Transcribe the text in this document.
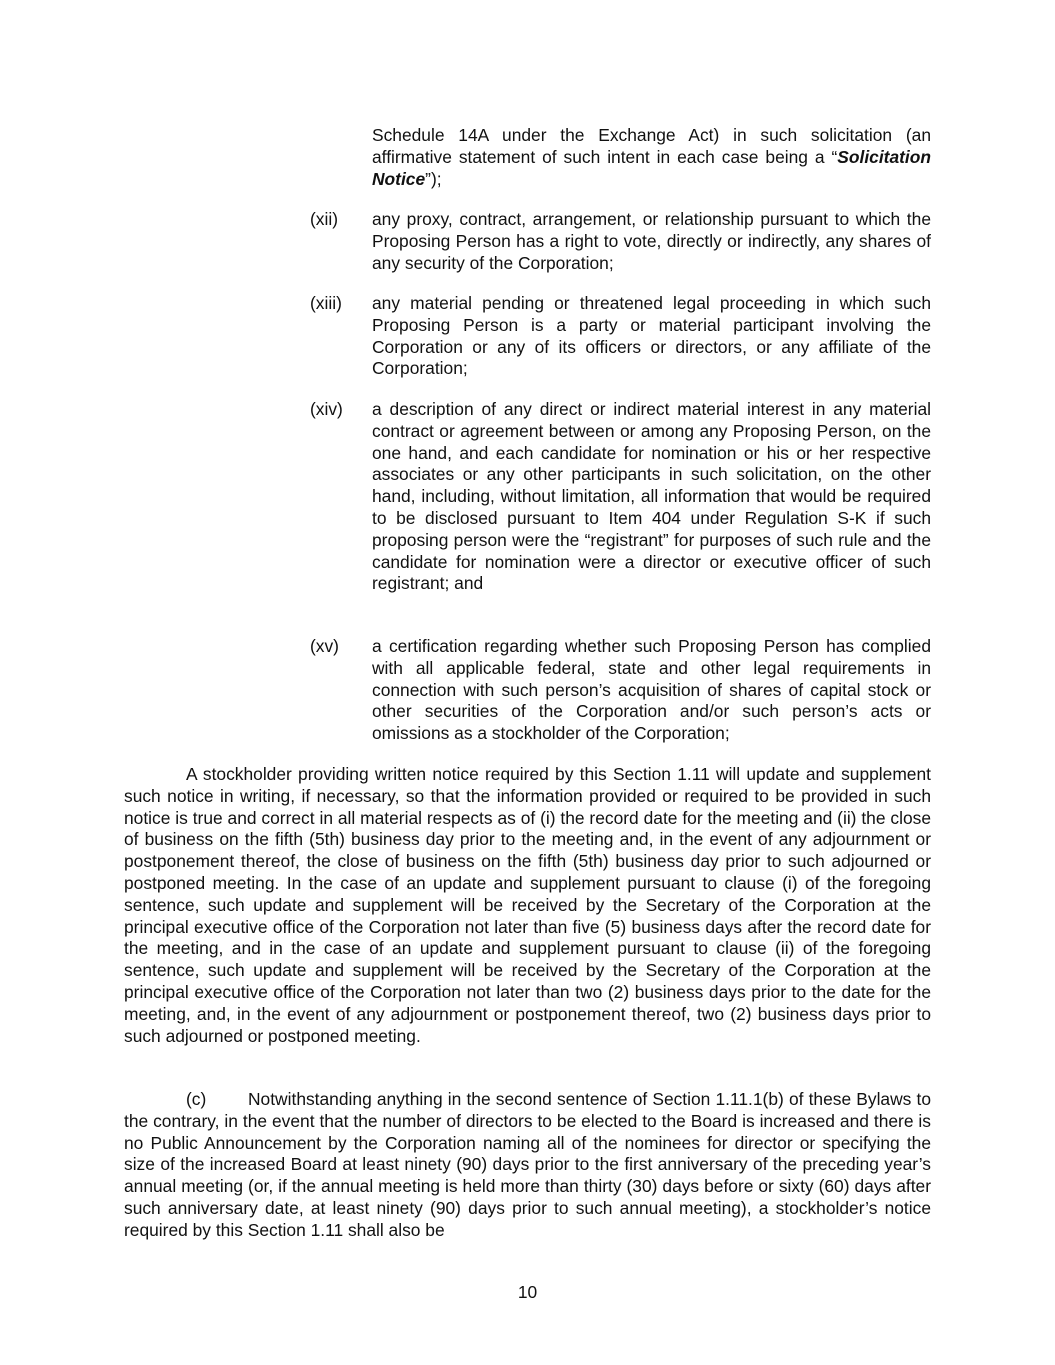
Schedule 14A under the Exchange Act) in such solicitation (an affirmative statement of such intent in each case being a “Solicitation Notice”);

(xii)	any proxy, contract, arrangement, or relationship pursuant to which the Proposing Person has a right to vote, directly or indirectly, any shares of any security of the Corporation;

(xiii)	any material pending or threatened legal proceeding in which such Proposing Person is a party or material participant involving the Corporation or any of its officers or directors, or any affiliate of the Corporation;

(xiv)	a description of any direct or indirect material interest in any material contract or agreement between or among any Proposing Person, on the one hand, and each candidate for nomination or his or her respective associates or any other participants in such solicitation, on the other hand, including, without limitation, all information that would be required to be disclosed pursuant to Item 404 under Regulation S-K if such proposing person were the “registrant” for purposes of such rule and the candidate for nomination were a director or executive officer of such registrant; and

(xv)	a certification regarding whether such Proposing Person has complied with all applicable federal, state and other legal requirements in connection with such person’s acquisition of shares of capital stock or other securities of the Corporation and/or such person’s acts or omissions as a stockholder of the Corporation;

A stockholder providing written notice required by this Section 1.11 will update and supplement such notice in writing, if necessary, so that the information provided or required to be provided in such notice is true and correct in all material respects as of (i) the record date for the meeting and (ii) the close of business on the fifth (5th) business day prior to the meeting and, in the event of any adjournment or postponement thereof, the close of business on the fifth (5th) business day prior to such adjourned or postponed meeting. In the case of an update and supplement pursuant to clause (i) of the foregoing sentence, such update and supplement will be received by the Secretary of the Corporation at the principal executive office of the Corporation not later than five (5) business days after the record date for the meeting, and in the case of an update and supplement pursuant to clause (ii) of the foregoing sentence, such update and supplement will be received by the Secretary of the Corporation at the principal executive office of the Corporation not later than two (2) business days prior to the date for the meeting, and, in the event of any adjournment or postponement thereof, two (2) business days prior to such adjourned or postponed meeting.

(c) Notwithstanding anything in the second sentence of Section 1.11.1(b) of these Bylaws to the contrary, in the event that the number of directors to be elected to the Board is increased and there is no Public Announcement by the Corporation naming all of the nominees for director or specifying the size of the increased Board at least ninety (90) days prior to the first anniversary of the preceding year’s annual meeting (or, if the annual meeting is held more than thirty (30) days before or sixty (60) days after such anniversary date, at least ninety (90) days prior to such annual meeting), a stockholder’s notice required by this Section 1.11 shall also be

10
